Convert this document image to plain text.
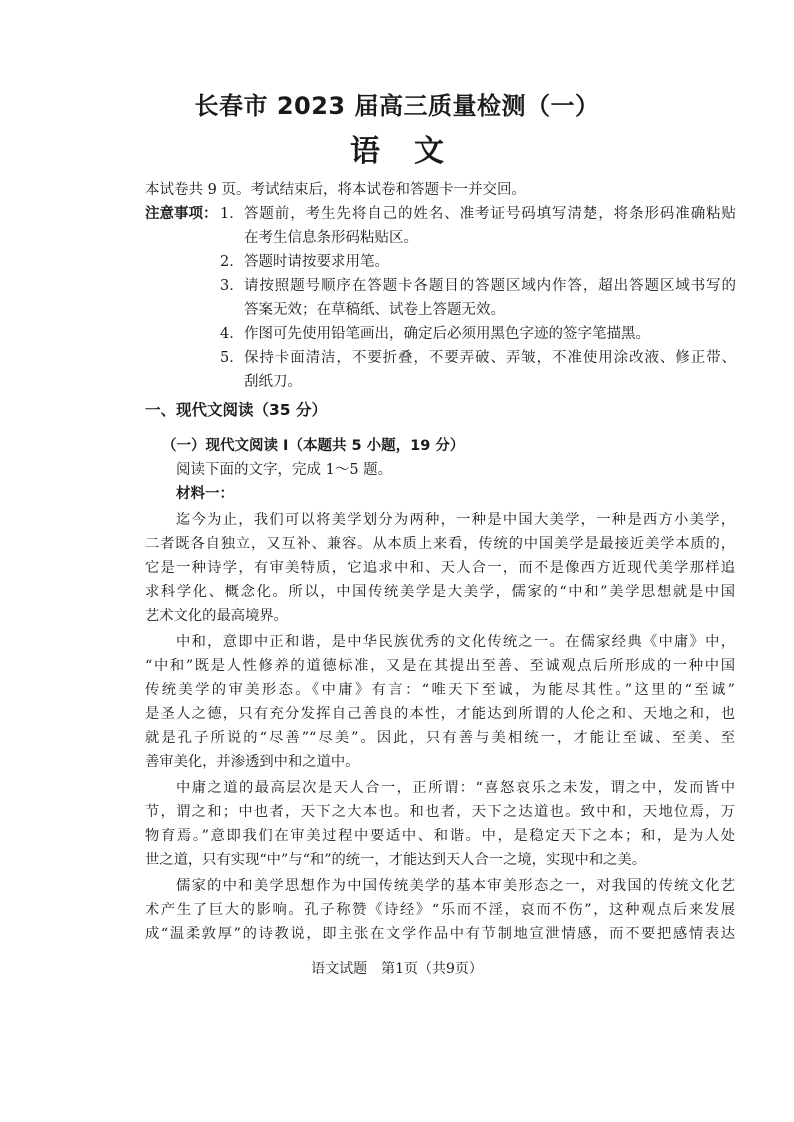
长春市 2023 届高三质量检测（一）
语文
本试卷共 9 页。考试结束后，将本试卷和答题卡一并交回。
注意事项： 1． 答题前，考生先将自己的姓名、准考证号码填写清楚，将条形码准确粘贴
在考生信息条形码粘贴区。
2． 答题时请按要求用笔。
3． 请按照题号顺序在答题卡各题目的答题区域内作答，超出答题区域书写的
答案无效；在草稿纸、试卷上答题无效。
4． 作图可先使用铅笔画出，确定后必须用黑色字迹的签字笔描黑。
5． 保持卡面清洁，不要折叠，不要弄破、弄皱，不准使用涂改液、修正带、
刮纸刀。
一、现代文阅读（35 分）
（一）现代文阅读 I（本题共 5 小题，19 分）
阅读下面的文字，完成 1～5 题。
材料一：
迄今为止，我们可以将美学划分为两种，一种是中国大美学，一种是西方小美学，
二者既各自独立，又互补、兼容。从本质上来看，传统的中国美学是最接近美学本质的，
它是一种诗学，有审美特质，它追求中和、天人合一，而不是像西方近现代美学那样追
求科学化、概念化。所以，中国传统美学是大美学，儒家的“中和”美学思想就是中国
艺术文化的最高境界。
中和，意即中正和谐，是中华民族优秀的文化传统之一。在儒家经典《中庸》中，
“中和”既是人性修养的道德标准，又是在其提出至善、至诚观点后所形成的一种中国
传统美学的审美形态。《中庸》有言：“唯天下至诚，为能尽其性。”这里的“至诚”
是圣人之德，只有充分发挥自己善良的本性，才能达到所谓的人伦之和、天地之和，也
就是孔子所说的“尽善”“尽美”。因此，只有善与美相统一，才能让至诚、至美、至
善审美化，并渗透到中和之道中。
中庸之道的最高层次是天人合一，正所谓：“喜怒哀乐之未发，谓之中，发而皆中
节，谓之和；中也者，天下之大本也。和也者，天下之达道也。致中和，天地位焉，万
物育焉。”意即我们在审美过程中要适中、和谐。中，是稳定天下之本；和，是为人处
世之道，只有实现“中”与“和”的统一，才能达到天人合一之境，实现中和之美。
儒家的中和美学思想作为中国传统美学的基本审美形态之一，对我国的传统文化艺
术产生了巨大的影响。孔子称赞《诗经》“乐而不淫，哀而不伤”，这种观点后来发展
成“温柔敦厚”的诗教说，即主张在文学作品中有节制地宣泄情感，而不要把感情表达
语文试题　第1页（共9页）
